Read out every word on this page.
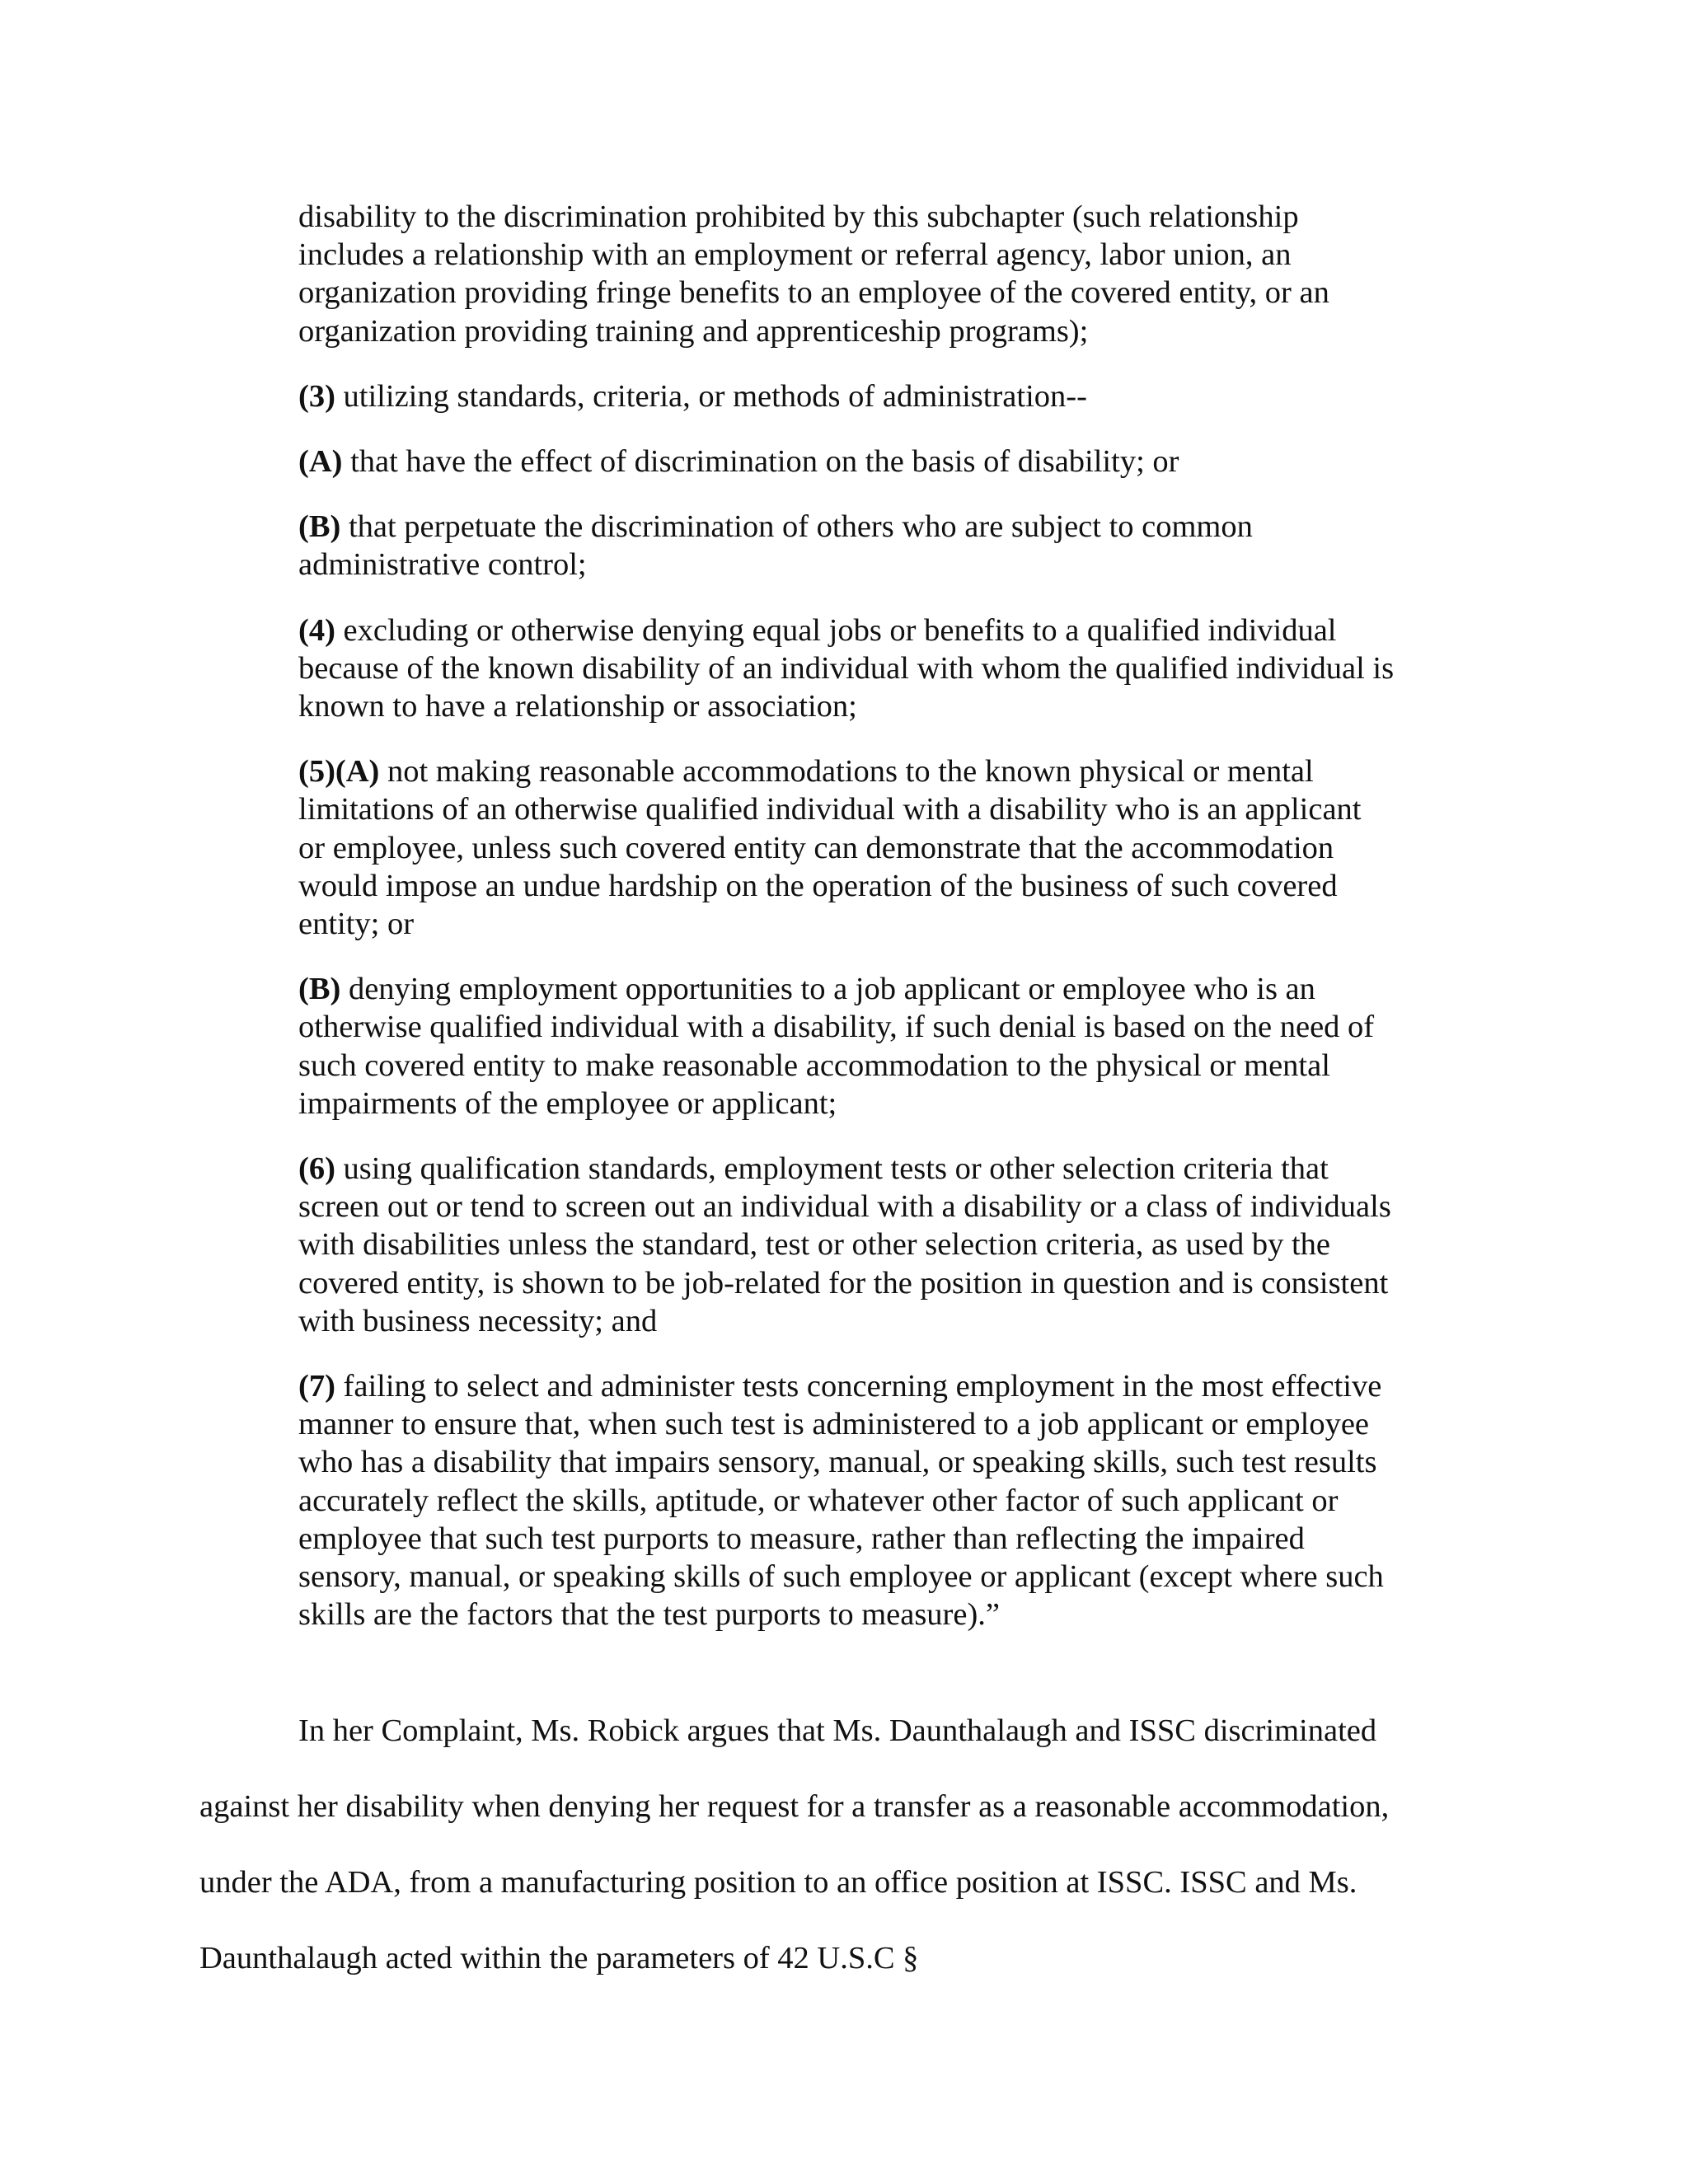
disability to the discrimination prohibited by this subchapter (such relationship includes a relationship with an employment or referral agency, labor union, an organization providing fringe benefits to an employee of the covered entity, or an organization providing training and apprenticeship programs);

(3) utilizing standards, criteria, or methods of administration--

(A) that have the effect of discrimination on the basis of disability; or

(B) that perpetuate the discrimination of others who are subject to common administrative control;

(4) excluding or otherwise denying equal jobs or benefits to a qualified individual because of the known disability of an individual with whom the qualified individual is known to have a relationship or association;

(5)(A) not making reasonable accommodations to the known physical or mental limitations of an otherwise qualified individual with a disability who is an applicant or employee, unless such covered entity can demonstrate that the accommodation would impose an undue hardship on the operation of the business of such covered entity; or

(B) denying employment opportunities to a job applicant or employee who is an otherwise qualified individual with a disability, if such denial is based on the need of such covered entity to make reasonable accommodation to the physical or mental impairments of the employee or applicant;

(6) using qualification standards, employment tests or other selection criteria that screen out or tend to screen out an individual with a disability or a class of individuals with disabilities unless the standard, test or other selection criteria, as used by the covered entity, is shown to be job-related for the position in question and is consistent with business necessity; and

(7) failing to select and administer tests concerning employment in the most effective manner to ensure that, when such test is administered to a job applicant or employee who has a disability that impairs sensory, manual, or speaking skills, such test results accurately reflect the skills, aptitude, or whatever other factor of such applicant or employee that such test purports to measure, rather than reflecting the impaired sensory, manual, or speaking skills of such employee or applicant (except where such skills are the factors that the test purports to measure).”

In her Complaint, Ms. Robick argues that Ms. Daunthalaugh and ISSC discriminated against her disability when denying her request for a transfer as a reasonable accommodation, under the ADA, from a manufacturing position to an office position at ISSC. ISSC and Ms. Daunthalaugh acted within the parameters of 42 U.S.C §
